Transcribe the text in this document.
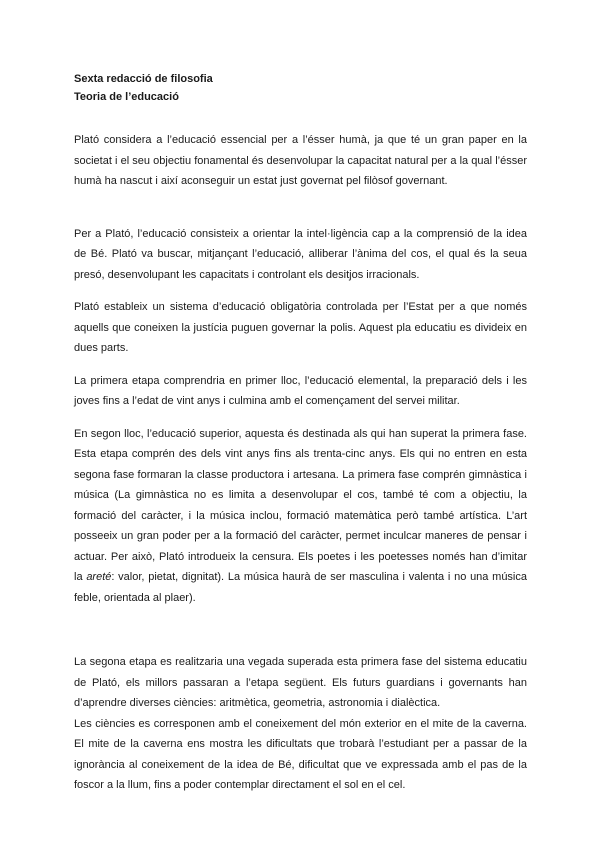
Sexta redacció de filosofia

Teoria de l’educació

Plató considera a l’educació essencial per a l’ésser humà, ja que té un gran paper en la societat i el seu objectiu fonamental és desenvolupar la capacitat natural per a la qual l’ésser humà ha nascut i així aconseguir un estat just governat pel filòsof governant.

Per a Plató, l’educació consisteix a orientar la intel·ligència cap a la comprensió de la idea de Bé. Plató va buscar, mitjançant l’educació, alliberar l’ànima del cos, el qual és la seua presó, desenvolupant les capacitats i controlant els desitjos irracionals.

Plató estableix un sistema d’educació obligatòria controlada per l’Estat per a que només aquells que coneixen la justícia puguen governar la polis. Aquest pla educatiu es divideix en dues parts.

La primera etapa comprendria en primer lloc, l’educació elemental, la preparació dels i les joves fins a l’edat de vint anys i culmina amb el començament del servei militar.

En segon lloc, l’educació superior, aquesta és destinada als qui han superat la primera fase. Esta etapa comprén des dels vint anys fins als trenta-cinc anys. Els qui no entren en esta segona fase formaran la classe productora i artesana. La primera fase comprén gimnàstica i música (La gimnàstica no es limita a desenvolupar el cos, també té com a objectiu, la formació del caràcter, i la música inclou, formació matemàtica però també artística. L’art posseeix un gran poder per a la formació del caràcter, permet inculcar maneres de pensar i actuar. Per això, Plató introdueix la censura. Els poetes i les poetesses només han d’imitar la areté: valor, pietat, dignitat). La música haurà de ser masculina i valenta i no una música feble, orientada al plaer).

La segona etapa es realitzaria una vegada superada esta primera fase del sistema educatiu de Plató, els millors passaran a l’etapa següent. Els futurs guardians i governants han d’aprendre diverses ciències: aritmètica, geometria, astronomia i dialèctica.

Les ciències es corresponen amb el coneixement del món exterior en el mite de la caverna. El mite de la caverna ens mostra les dificultats que trobarà l’estudiant per a passar de la ignorància al coneixement de la idea de Bé, dificultat que ve expressada amb el pas de la foscor a la llum, fins a poder contemplar directament el sol en el cel.
